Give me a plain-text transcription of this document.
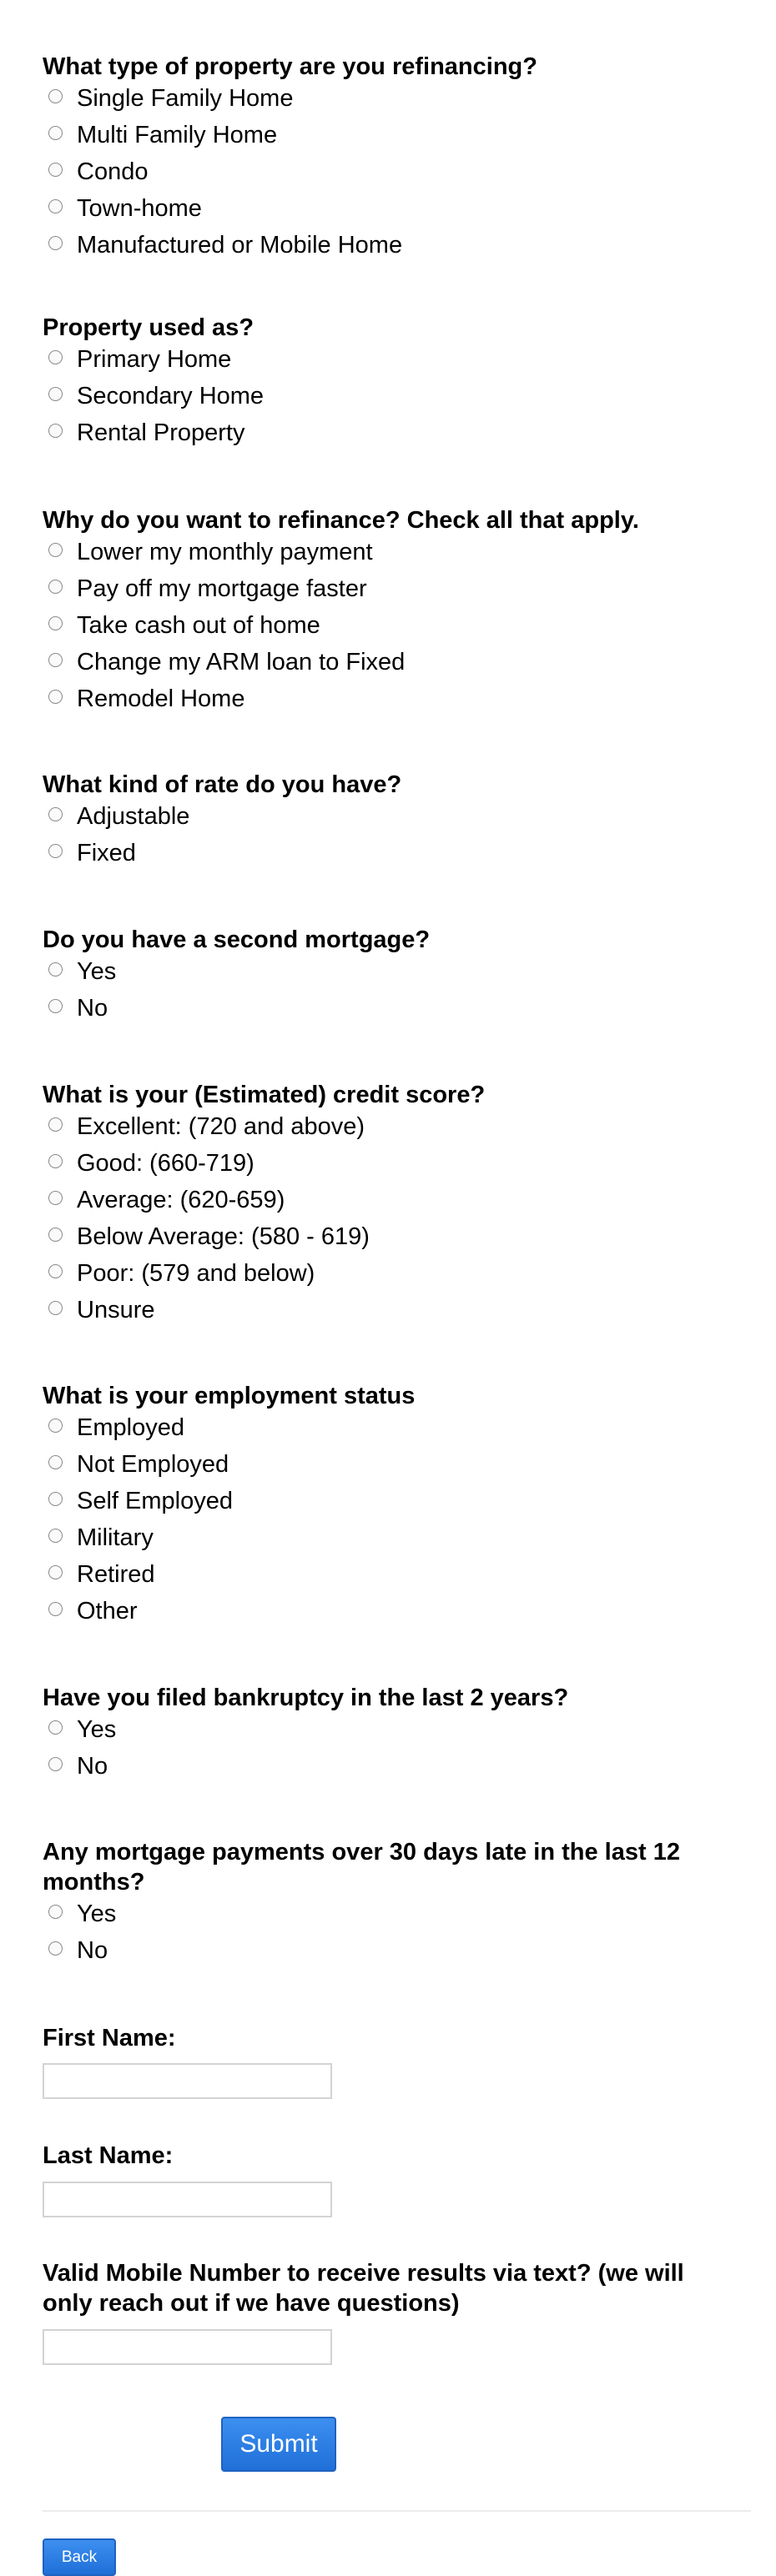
What type of property are you refinancing?
Single Family Home
Multi Family Home
Condo
Town-home
Manufactured or Mobile Home
Property used as?
Primary Home
Secondary Home
Rental Property
Why do you want to refinance? Check all that apply.
Lower my monthly payment
Pay off my mortgage faster
Take cash out of home
Change my ARM loan to Fixed
Remodel Home
What kind of rate do you have?
Adjustable
Fixed
Do you have a second mortgage?
Yes
No
What is your (Estimated) credit score?
Excellent: (720 and above)
Good: (660-719)
Average: (620-659)
Below Average: (580 - 619)
Poor: (579 and below)
Unsure
What is your employment status
Employed
Not Employed
Self Employed
Military
Retired
Other
Have you filed bankruptcy in the last 2 years?
Yes
No
Any mortgage payments over 30 days late in the last 12 months?
Yes
No
First Name:
Last Name:
Valid Mobile Number to receive results via text? (we will only reach out if we have questions)
Submit
Back
